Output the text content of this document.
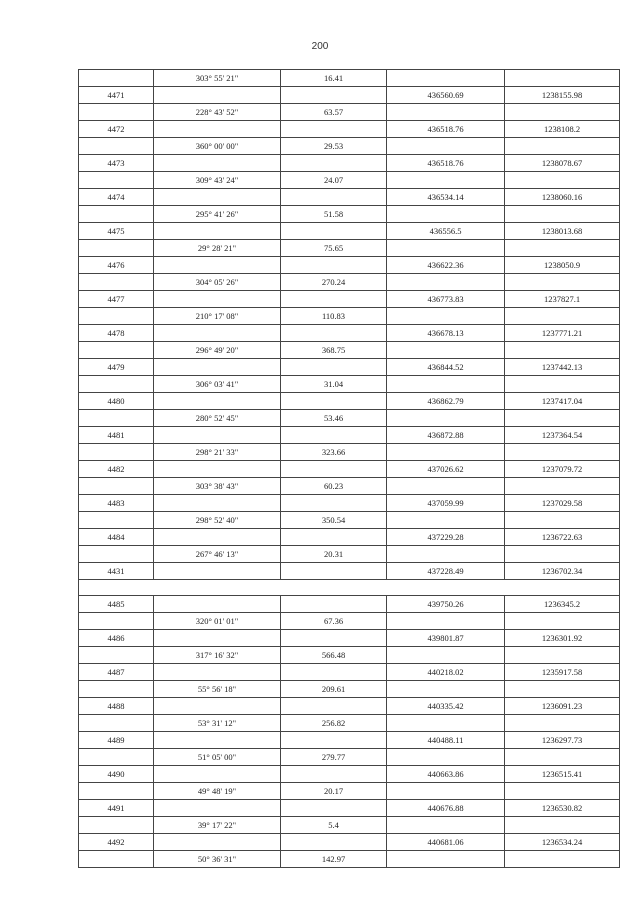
200
	303° 55' 21"	16.41		
4471			436560.69	1238155.98
	228° 43' 52"	63.57		
4472			436518.76	1238108.2
	360° 00' 00"	29.53		
4473			436518.76	1238078.67
	309° 43' 24"	24.07		
4474			436534.14	1238060.16
	295° 41' 26"	51.58		
4475			436556.5	1238013.68
	29° 28' 21"	75.65		
4476			436622.36	1238050.9
	304° 05' 26"	270.24		
4477			436773.83	1237827.1
	210° 17' 08"	110.83		
4478			436678.13	1237771.21
	296° 49' 20"	368.75		
4479			436844.52	1237442.13
	306° 03' 41"	31.04		
4480			436862.79	1237417.04
	280° 52' 45"	53.46		
4481			436872.88	1237364.54
	298° 21' 33"	323.66		
4482			437026.62	1237079.72
	303° 38' 43"	60.23		
4483			437059.99	1237029.58
	298° 52' 40"	350.54		
4484			437229.28	1236722.63
	267° 46' 13"	20.31		
4431			437228.49	1236702.34

4485			439750.26	1236345.2
	320° 01' 01"	67.36		
4486			439801.87	1236301.92
	317° 16' 32"	566.48		
4487			440218.02	1235917.58
	55° 56' 18"	209.61		
4488			440335.42	1236091.23
	53° 31' 12"	256.82		
4489			440488.11	1236297.73
	51° 05' 00"	279.77		
4490			440663.86	1236515.41
	49° 48' 19"	20.17		
4491			440676.88	1236530.82
	39° 17' 22"	5.4		
4492			440681.06	1236534.24
	50° 36' 31"	142.97		
